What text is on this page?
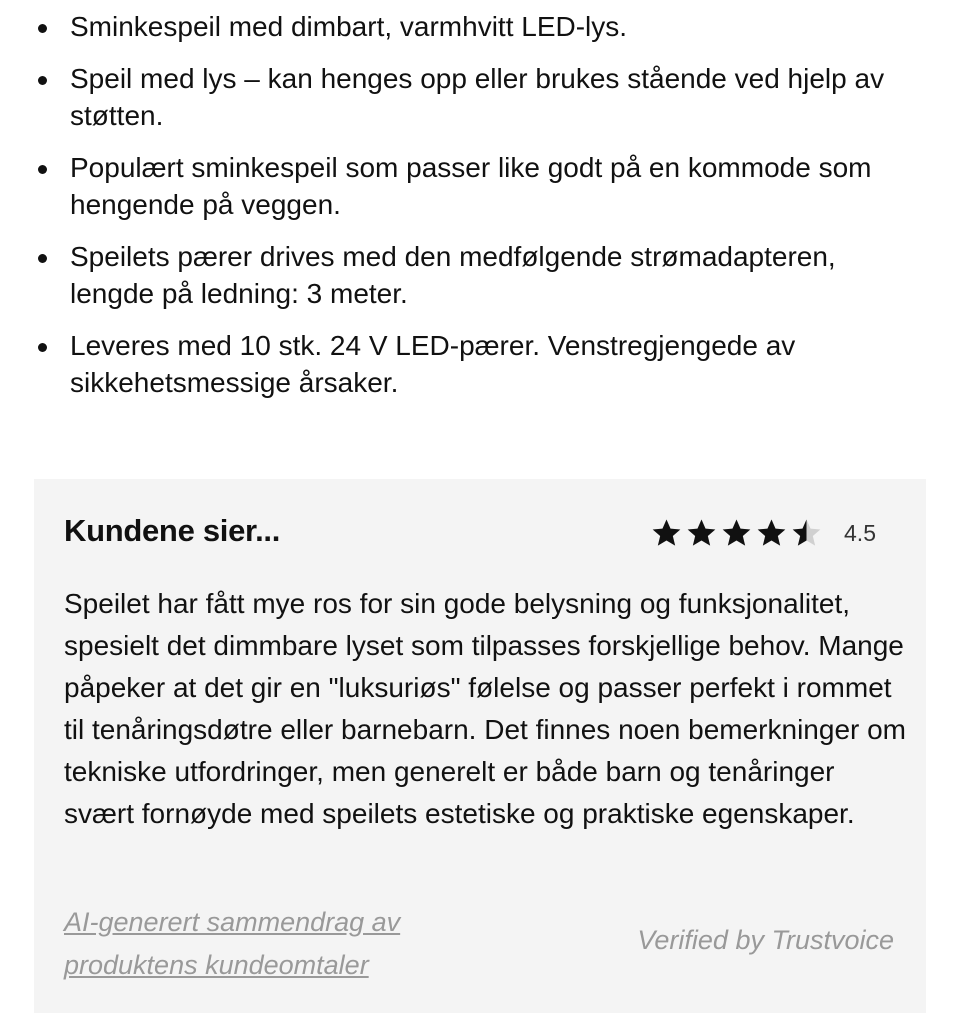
Sminkespeil med dimbart, varmhvitt LED-lys.
Speil med lys – kan henges opp eller brukes stående ved hjelp av støtten.
Populært sminkespeil som passer like godt på en kommode som hengende på veggen.
Speilets pærer drives med den medfølgende strømadapteren, lengde på ledning: 3 meter.
Leveres med 10 stk. 24 V LED-pærer. Venstregjengede av sikkehetsmessige årsaker.
Kundene sier...	4.5

Speilet har fått mye ros for sin gode belysning og funksjonalitet, spesielt det dimmbare lyset som tilpasses forskjellige behov. Mange påpeker at det gir en "luksuriøs" følelse og passer perfekt i rommet til tenåringsdøtre eller barnebarn. Det finnes noen bemerkninger om tekniske utfordringer, men generelt er både barn og tenåringer svært fornøyde med speilets estetiske og praktiske egenskaper.

AI-generert sammendrag av produktens kundeomtaler
Verified by Trustvoice
